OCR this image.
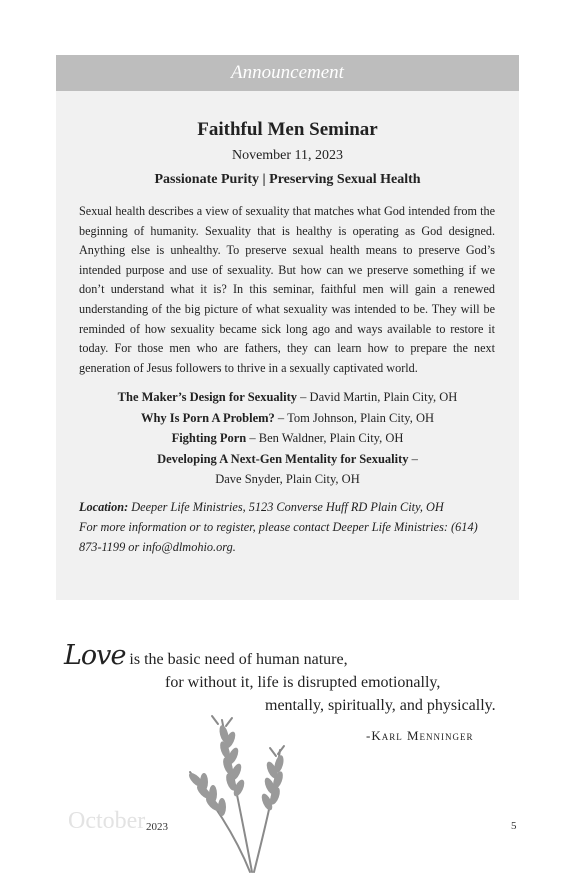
Announcement
Faithful Men Seminar
November 11, 2023
Passionate Purity | Preserving Sexual Health
Sexual health describes a view of sexuality that matches what God intended from the beginning of humanity. Sexuality that is healthy is operating as God designed. Anything else is unhealthy. To preserve sexual health means to preserve God’s intended purpose and use of sexuality. But how can we preserve something if we don’t understand what it is? In this seminar, faithful men will gain a renewed understanding of the big picture of what sexuality was intended to be. They will be reminded of how sexuality became sick long ago and ways available to restore it today. For those men who are fathers, they can learn how to prepare the next generation of Jesus followers to thrive in a sexually captivated world.
The Maker’s Design for Sexuality – David Martin, Plain City, OH
Why Is Porn A Problem? – Tom Johnson, Plain City, OH
Fighting Porn – Ben Waldner, Plain City, OH
Developing A Next-Gen Mentality for Sexuality –
Dave Snyder, Plain City, OH
Location: Deeper Life Ministries, 5123 Converse Huff RD Plain City, OH
For more information or to register, please contact Deeper Life Ministries: (614) 873-1199 or info@dlmohio.org.
Love is the basic need of human nature,
for without it, life is disrupted emotionally,
mentally, spiritually, and physically.
-Karl Menninger
October 2023	5
